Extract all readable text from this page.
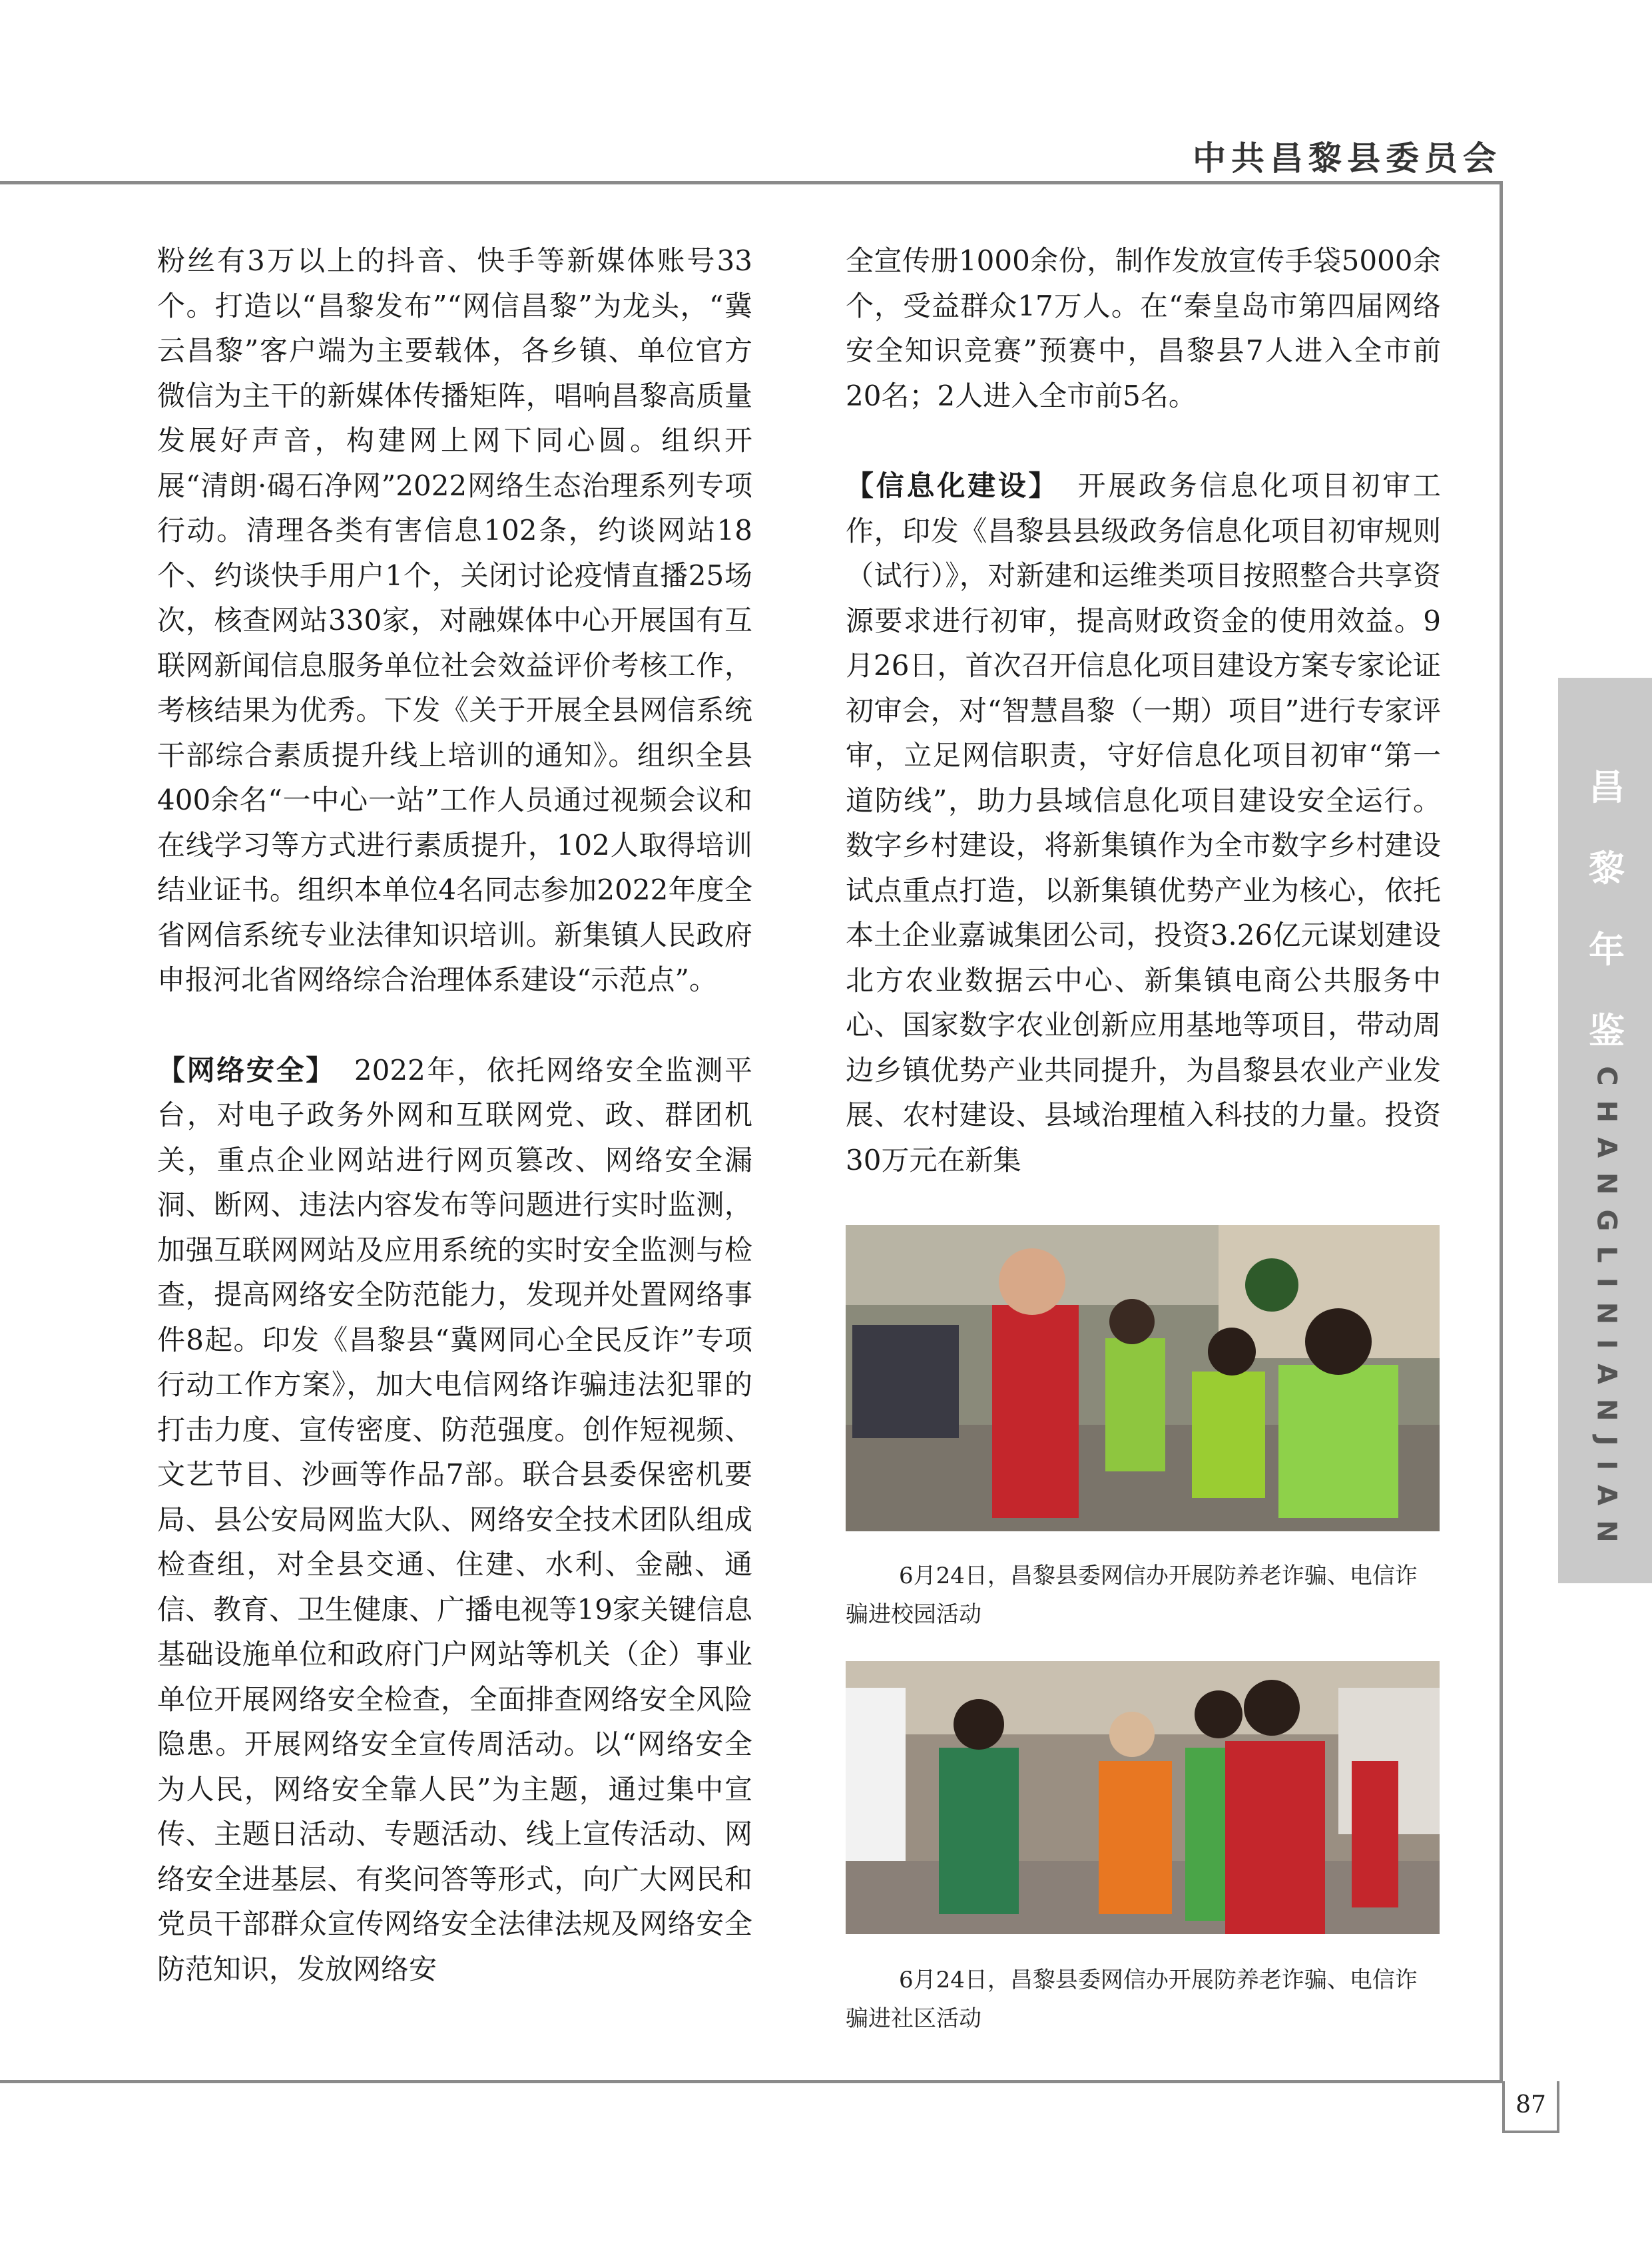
中共昌黎县委员会

粉丝有3万以上的抖音、快手等新媒体账号33个。打造以“昌黎发布”“网信昌黎”为龙头，“冀云昌黎”客户端为主要载体，各乡镇、单位官方微信为主干的新媒体传播矩阵，唱响昌黎高质量发展好声音，构建网上网下同心圆。组织开展“清朗·碣石净网”2022网络生态治理系列专项行动。清理各类有害信息102条，约谈网站18个、约谈快手用户1个，关闭讨论疫情直播25场次，核查网站330家，对融媒体中心开展国有互联网新闻信息服务单位社会效益评价考核工作，考核结果为优秀。下发《关于开展全县网信系统干部综合素质提升线上培训的通知》。组织全县400余名“一中心一站”工作人员通过视频会议和在线学习等方式进行素质提升，102人取得培训结业证书。组织本单位4名同志参加2022年度全省网信系统专业法律知识培训。新集镇人民政府申报河北省网络综合治理体系建设“示范点”。

【网络安全】 2022年，依托网络安全监测平台，对电子政务外网和互联网党、政、群团机关，重点企业网站进行网页篡改、网络安全漏洞、断网、违法内容发布等问题进行实时监测，加强互联网网站及应用系统的实时安全监测与检查，提高网络安全防范能力，发现并处置网络事件8起。印发《昌黎县“冀网同心全民反诈”专项行动工作方案》，加大电信网络诈骗违法犯罪的打击力度、宣传密度、防范强度。创作短视频、文艺节目、沙画等作品7部。联合县委保密机要局、县公安局网监大队、网络安全技术团队组成检查组，对全县交通、住建、水利、金融、通信、教育、卫生健康、广播电视等19家关键信息基础设施单位和政府门户网站等机关（企）事业单位开展网络安全检查，全面排查网络安全风险隐患。开展网络安全宣传周活动。以“网络安全为人民，网络安全靠人民”为主题，通过集中宣传、主题日活动、专题活动、线上宣传活动、网络安全进基层、有奖问答等形式，向广大网民和党员干部群众宣传网络安全法律法规及网络安全防范知识，发放网络安

全宣传册1000余份，制作发放宣传手袋5000余个，受益群众17万人。在“秦皇岛市第四届网络安全知识竞赛”预赛中，昌黎县7人进入全市前20名；2人进入全市前5名。

【信息化建设】 开展政务信息化项目初审工作，印发《昌黎县县级政务信息化项目初审规则（试行）》，对新建和运维类项目按照整合共享资源要求进行初审，提高财政资金的使用效益。9月26日，首次召开信息化项目建设方案专家论证初审会，对“智慧昌黎（一期）项目”进行专家评审，立足网信职责，守好信息化项目初审“第一道防线”，助力县域信息化项目建设安全运行。数字乡村建设，将新集镇作为全市数字乡村建设试点重点打造，以新集镇优势产业为核心，依托本土企业嘉诚集团公司，投资3.26亿元谋划建设北方农业数据云中心、新集镇电商公共服务中心、国家数字农业创新应用基地等项目，带动周边乡镇优势产业共同提升，为昌黎县农业产业发展、农村建设、县域治理植入科技的力量。投资30万元在新集

6月24日，昌黎县委网信办开展防养老诈骗、电信诈骗进校园活动
6月24日，昌黎县委网信办开展防养老诈骗、电信诈骗进社区活动
昌
黎
年
鉴
CHANGLINIANJIAN
87
